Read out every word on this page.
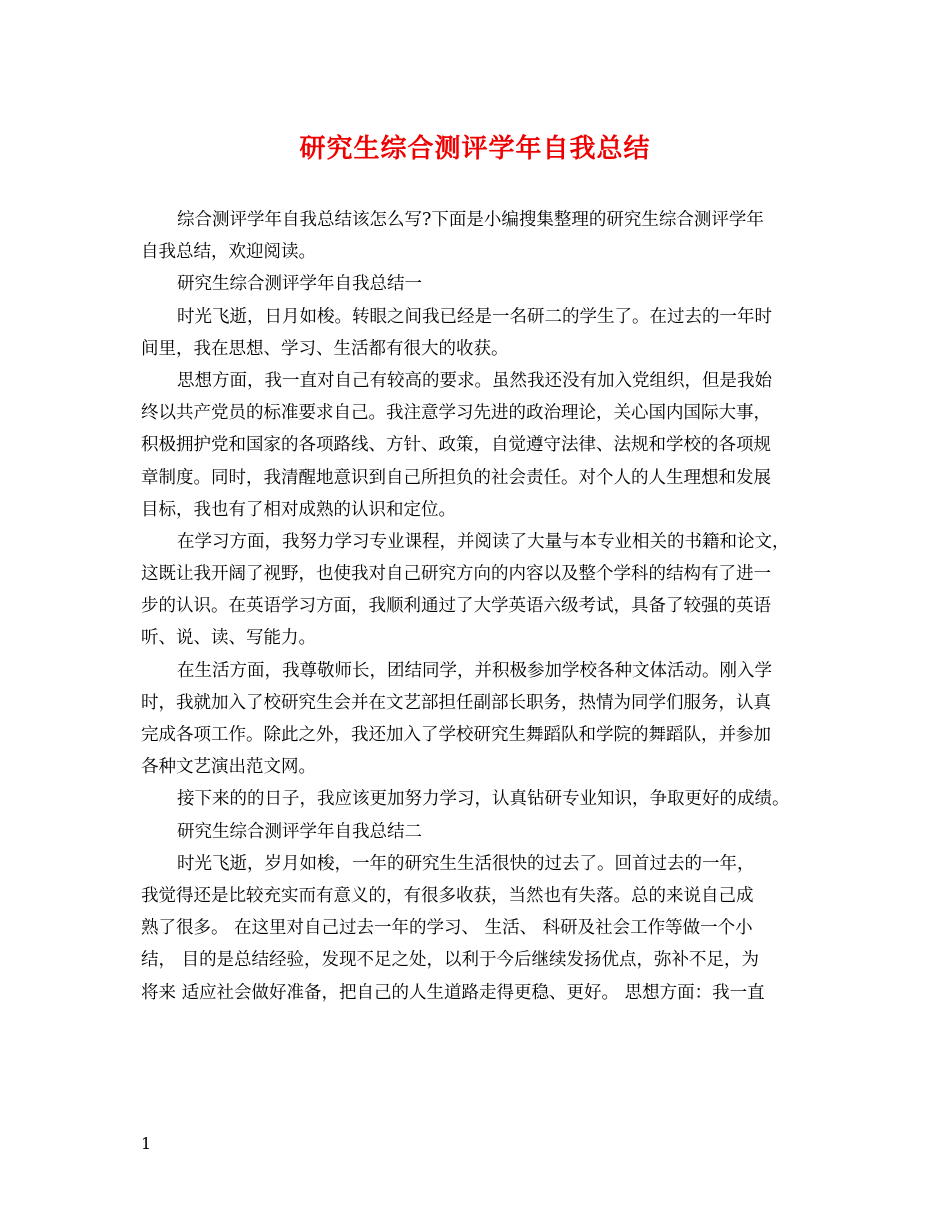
研究生综合测评学年自我总结
综合测评学年自我总结该怎么写?下面是小编搜集整理的研究生综合测评学年
自我总结，欢迎阅读。
研究生综合测评学年自我总结一
时光飞逝，日月如梭。转眼之间我已经是一名研二的学生了。在过去的一年时
间里，我在思想、学习、生活都有很大的收获。
思想方面，我一直对自己有较高的要求。虽然我还没有加入党组织，但是我始
终以共产党员的标准要求自己。我注意学习先进的政治理论，关心国内国际大事，
积极拥护党和国家的各项路线、方针、政策，自觉遵守法律、法规和学校的各项规
章制度。同时，我清醒地意识到自己所担负的社会责任。对个人的人生理想和发展
目标，我也有了相对成熟的认识和定位。
在学习方面，我努力学习专业课程，并阅读了大量与本专业相关的书籍和论文，
这既让我开阔了视野，也使我对自己研究方向的内容以及整个学科的结构有了进一
步的认识。在英语学习方面，我顺利通过了大学英语六级考试，具备了较强的英语
听、说、读、写能力。
在生活方面，我尊敬师长，团结同学，并积极参加学校各种文体活动。刚入学
时，我就加入了校研究生会并在文艺部担任副部长职务，热情为同学们服务，认真
完成各项工作。除此之外，我还加入了学校研究生舞蹈队和学院的舞蹈队，并参加
各种文艺演出范文网。
接下来的的日子，我应该更加努力学习，认真钻研专业知识，争取更好的成绩。
研究生综合测评学年自我总结二
时光飞逝，岁月如梭，一年的研究生生活很快的过去了。回首过去的一年，
我觉得还是比较充实而有意义的，有很多收获，当然也有失落。总的来说自己成
熟了很多。 在这里对自己过去一年的学习、 生活、 科研及社会工作等做一个小
结， 目的是总结经验，发现不足之处，以利于今后继续发扬优点，弥补不足，为
将来 适应社会做好准备，把自己的人生道路走得更稳、更好。 思想方面：我一直
1
